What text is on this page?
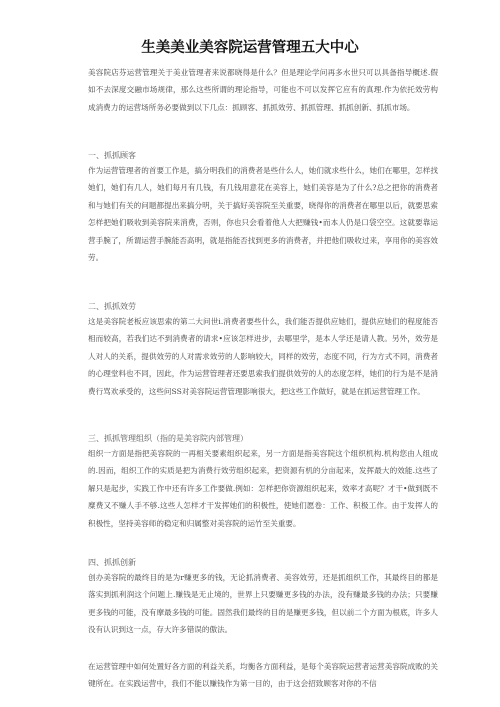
生美美业美容院运营管理五大中心

美容院店芬运营管理关于美业管理者来说都晓得是什么？但是理论学问再多水世只可以具备指导概述.假如不去深度交融市场规律，那么这些所谓的理论指导，可能也不可以发挥它应有的真理.作为依托效劳构成消费力的运营场所务必要做到以下几点：抓顾客、抓抓效劳、抓抓管理、抓抓创新、抓抓市场。

一、抓抓顾客

作为运营管理者的首要工作是，搞分明我们的消费者是些什么人，她们就求些什么，她们在哪里，怎样找她们，她们有几人，她们每月有几钱，有几钱用意花在美容上，她们美容是为了什么?总之把你的消费者和与她们有关的问题都提出来搞分明，关于搞好美容院至关重要，晓得你的消费者在哪里以后，就要思索怎样把她们吸收到美容院来消费，否则，你也只会看着他人大把赚钱•而本人仍是口袋空空。这就要靠运营手腕了，所谓运营手腕能否高明，就是指能否找到更多的消费者，并把他们吸收过来，享用你的美容效劳。

二、抓抓效劳

这是美容院老板应该思索的第二大问世i.消费者要些什么，我们能否提供应她们，提供应她们的程度能否相而较高，若我们达不到消费者的请求•应该怎样进步，去哪里学，是本人学还是请人教。另外，效劳是人对人的关系，提供效劳的人对需求效劳的人影响较大，同样的效劳，态度不同，行为方式不同，消费者的心理堂料也不同，因此，作为运营管理者还要思索我们提供效劳的人的态度怎样，她们的行为是不是消费行骂欢承受的，这些问SS对美容院运营管理影响很大，把这些工作做好，就是在抓运营管理工作。

三、抓抓管理组织（指的是美容院内部管理）

组织一方面是指把美容院的一再相关要素组织起来，另一方面是指美容院这个组织机构.机构您由人组成的.因而，组织工作的实质是把为消费行效劳组织起来，把资源有机的分亩起来，发挥最大的效能.这些了解只是起步，实践工作中还有许多工作要做.例如：怎样把你资源组织起来，效率才高呢？才干•做到既不糜费又不赚人手不够.这些人怎样才干发挥她们的积极性，使她们愿卷：工作、积极工作。由于发挥人的积极性，坚持美容师的稳定和归属整对美容院的运竹至关重要。

四、抓抓创新

创办美容院的最终目的是为r赚更多的钱，无论抓消费者、美容效劳，还是抓组织工作，其最终目的都是落实到抓利润这个问题上.赚钱是无止境的，世界上只要赚更多钱的办法，没有赚最多钱的办法；只要赚更多钱的可能，没有摩最多钱的可能。固然我们最终的目的是赚更多钱，但以前二个方面为根底，许多人没有认识到这一点，存大许多错误的傲法。

在运营管理中如何处置好各方面的利益关系，均衡各方面利益，是每个美容院运营者运营美容院成败的关键所在。在实践运营中，我们不能以赚钱作为第一目的，由于这会招致顾客对你的不信
